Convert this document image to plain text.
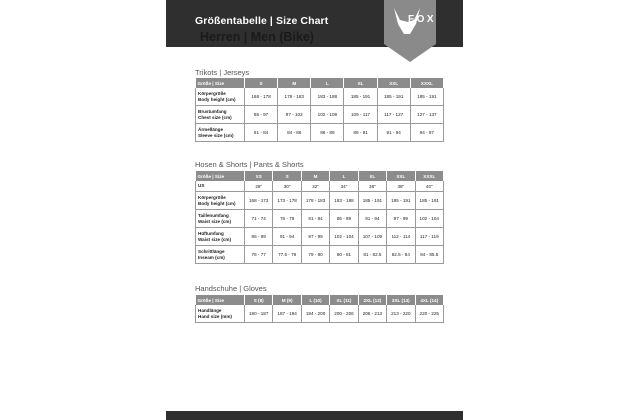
Größentabelle | Size Chart
Herren | Men (Bike)
FOX
Trikots | Jerseys
Größe | Size	S	M	L	XL	XXL	XXXL
Körpergröße
Body height (cm)	168 - 178	178 - 183	183 - 188	185 - 191	185 - 191	185 - 191
Brustumfang
Chest size (cm)	86 - 97	97 - 102	102 - 109	109 - 117	117 - 127	127 - 137
Ärmellänge
Sleeve size (cm)	81 - 84	84 - 86	86 - 89	89 - 91	91 - 94	94 - 97
Hosen & Shorts | Pants & Shorts
Größe | Size	XS	S	M	L	XL	XXL	XXXL
US	28"	30"	32"	34"	36"	38"	40"
Körpergröße
Body height (cm)	168 - 173	173 - 178	178 - 183	183 - 188	185 - 191	185 - 191	185 - 191
Taillenumfang
Waist size (cm)	71 - 74	76 - 79	81 - 84	86 - 89	91 - 94	97 - 99	102 - 104
Hüftumfang
Waist size (cm)	86 - 89	91 - 94	97 - 99	102 - 104	107 - 109	112 - 114	117 - 119
Schrittlänge
Inseam (cm)	76 - 77	77.5 - 79	79 - 80	80 - 81	81 - 82.5	82.5 - 84	84 - 85.5
Handschuhe | Gloves
Größe | Size	S (8)	M (9)	L (10)	XL (11)	2XL (12)	3XL (13)	4XL (14)
Handlänge
Hand size (mm)	180 - 187	187 - 194	194 - 200	200 - 206	206 - 213	213 - 220	220 - 225
